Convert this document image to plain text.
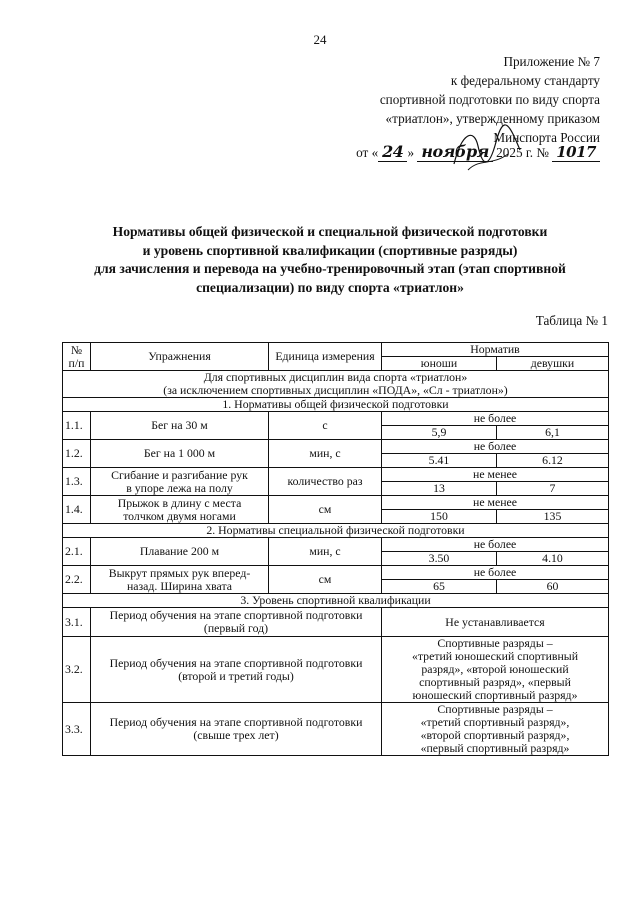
24
Приложение № 7
к федеральному стандарту
спортивной подготовки по виду спорта
«триатлон», утвержденному приказом
Минспорта России
от « 24 » ноября 2025 г. № 1017
Нормативы общей физической и специальной физической подготовки
и уровень спортивной квалификации (спортивные разряды)
для зачисления и перевода на учебно-тренировочный этап (этап спортивной
специализации) по виду спорта «триатлон»
Таблица № 1
№
п/п	Упражнения	Единица измерения	Норматив	
			юноши	девушки
Для спортивных дисциплин вида спорта «триатлон»
(за исключением спортивных дисциплин «ПОДА», «Сл - триатлон»)				
1. Нормативы общей физической подготовки				
1.1.	Бег на 30 м	с	не более	
			5,9	6,1
1.2.	Бег на 1 000 м	мин, с	не более	
			5.41	6.12
1.3.	Сгибание и разгибание рук
в упоре лежа на полу	количество раз	не менее	
			13	7
1.4.	Прыжок в длину с места
толчком двумя ногами	см	не менее	
			150	135
2. Нормативы специальной физической подготовки				
2.1.	Плавание 200 м	мин, с	не более	
			3.50	4.10
2.2.	Выкрут прямых рук вперед-
назад. Ширина хвата	см	не более	
			65	60
3. Уровень спортивной квалификации				
3.1.	Период обучения на этапе спортивной подготовки
(первый год)		Не устанавливается	
3.2.	Период обучения на этапе спортивной подготовки
(второй и третий годы)		Спортивные разряды –
«третий юношеский спортивный
разряд», «второй юношеский
спортивный разряд», «первый
юношеский спортивный разряд»	
3.3.	Период обучения на этапе спортивной подготовки
(свыше трех лет)		Спортивные разряды –
«третий спортивный разряд»,
«второй спортивный разряд»,
«первый спортивный разряд»	
